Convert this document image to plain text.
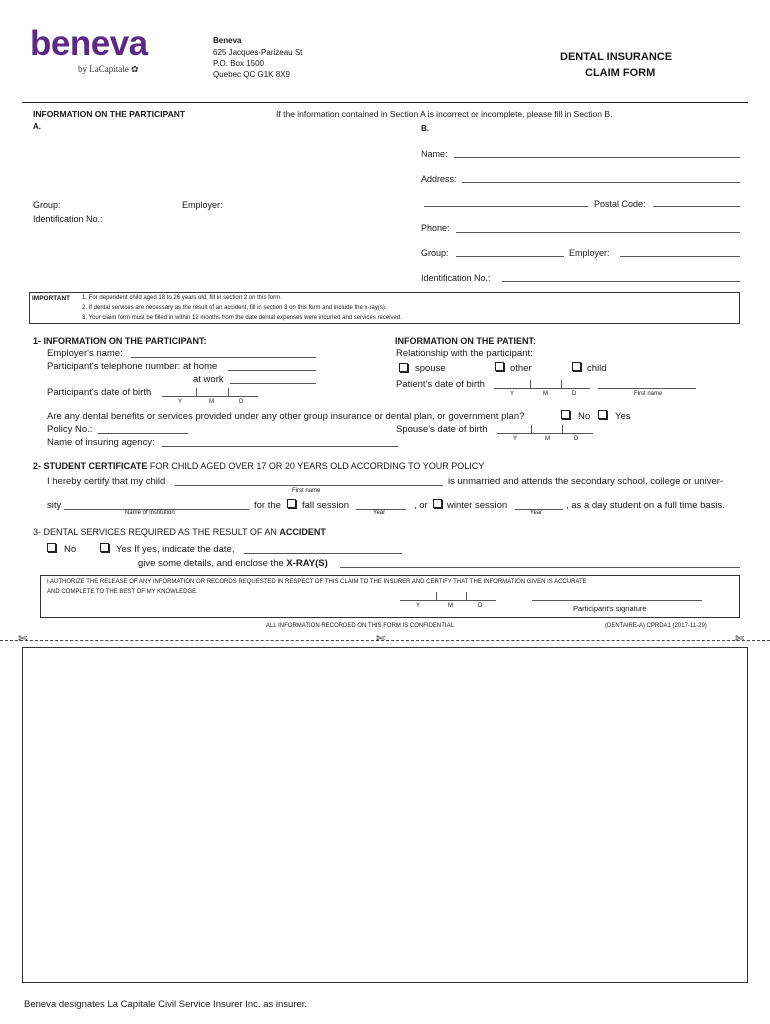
beneva
by LaCapitale ✿
Beneva
625 Jacques-Parizeau St
P.O. Box 1500
Quebec QC G1K 8X9
DENTAL INSURANCE
CLAIM FORM
INFORMATION ON THE PARTICIPANT
A.
Group:	Employer:
Identification No.:
If the information contained in Section A is incorrect or incomplete, please fill in Section B.
B.
Name:
Address:
Postal Code:
Phone:
Group:	Employer:
Identification No.:
IMPORTANT 1. For dependent child aged 18 to 26 years old, fill in section 2 on this form.
2. If dental services are necessary as the result of an accident, fill in section 3 on this form and include the x-ray(s).
3. Your claim form must be filled in within 12 months from the date dental expenses were incurred and services received.
1- INFORMATION ON THE PARTICIPANT:
Employer's name:
Participant's telephone number: at home
at work
Participant's date of birth
Y	M	D
INFORMATION ON THE PATIENT:
Relationship with the participant:
spouse	other	child
Patient's date of birth
Y	M	D	First name
Are any dental benefits or services provided under any other group insurance or dental plan, or government plan?	No	Yes
Policy No.:	Spouse's date of birth
Y	M	D
Name of insuring agency:
2- STUDENT CERTIFICATE FOR CHILD AGED OVER 17 OR 20 YEARS OLD ACCORDING TO YOUR POLICY
I hereby certify that my child
First name
is unmarried and attends the secondary school, college or univer-
sity
Name of institution
for the fall session
Year
, or winter session
Year
, as a day student on a full time basis.
3- DENTAL SERVICES REQUIRED AS THE RESULT OF AN ACCIDENT
No	Yes If yes, indicate the date,
give some details, and enclose the X-RAY(S)
I AUTHORIZE THE RELEASE OF ANY INFORMATION OR RECORDS REQUESTED IN RESPECT OF THIS CLAIM TO THE INSURER AND CERTIFY THAT THE INFORMATION GIVEN IS ACCURATE
AND COMPLETE TO THE BEST OF MY KNOWLEDGE.
Y	M	D	Participant's signature
ALL INFORMATION RECORDED ON THIS FORM IS CONFIDENTIAL	(DENTAIRE-A) CPRDA1 (2017-11-29)
✄	✄	✄
Beneva designates La Capitale Civil Service Insurer Inc. as insurer.
